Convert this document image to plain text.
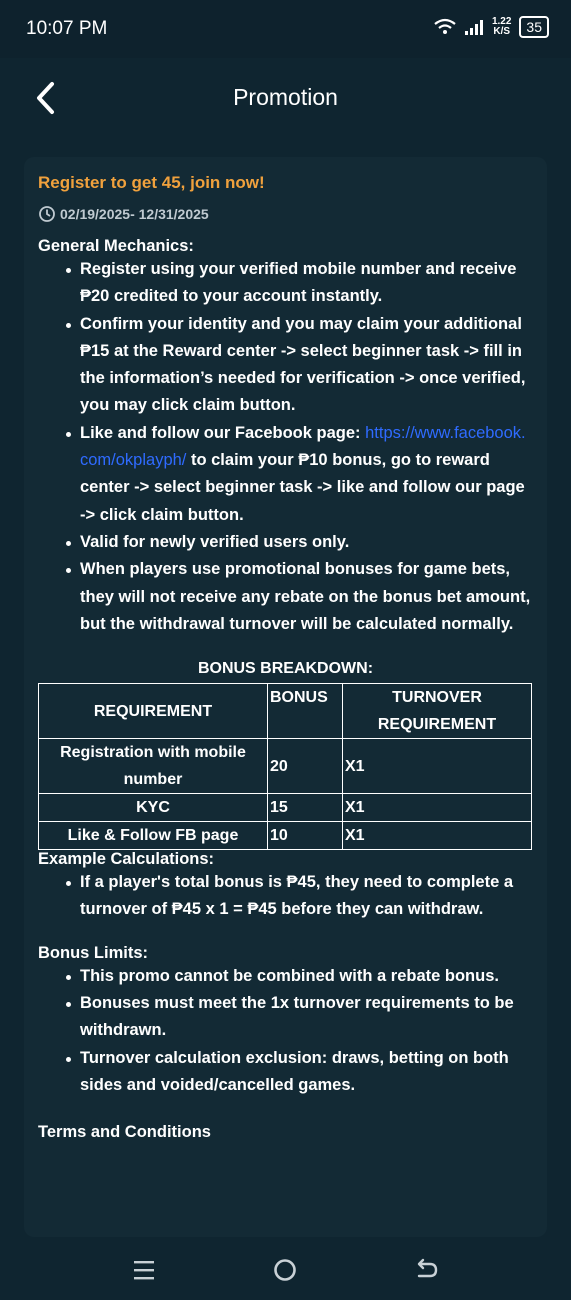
10:07 PM	1.22
K/S	35
Promotion
Register to get 45, join now!
02/19/2025- 12/31/2025
General Mechanics:
Register using your verified mobile number and receive ₱20 credited to your account instantly.
Confirm your identity and you may claim your additional ₱15 at the Reward center -> select beginner task -> fill in the information’s needed for verification -> once verified, you may click claim button.
Like and follow our Facebook page: https://www.facebook.com/okplayph/ to claim your ₱10 bonus, go to reward center -> select beginner task -> like and follow our page -> click claim button.
Valid for newly verified users only.
When players use promotional bonuses for game bets, they will not receive any rebate on the bonus bet amount, but the withdrawal turnover will be calculated normally.
BONUS BREAKDOWN:
REQUIREMENT	BONUS	TURNOVER REQUIREMENT
Registration with mobile number	20	X1
KYC	15	X1
Like & Follow FB page	10	X1
Example Calculations:
If a player's total bonus is ₱45, they need to complete a turnover of ₱45 x 1 = ₱45 before they can withdraw.
Bonus Limits:
This promo cannot be combined with a rebate bonus.
Bonuses must meet the 1x turnover requirements to be withdrawn.
Turnover calculation exclusion: draws, betting on both sides and voided/cancelled games.
Terms and Conditions
